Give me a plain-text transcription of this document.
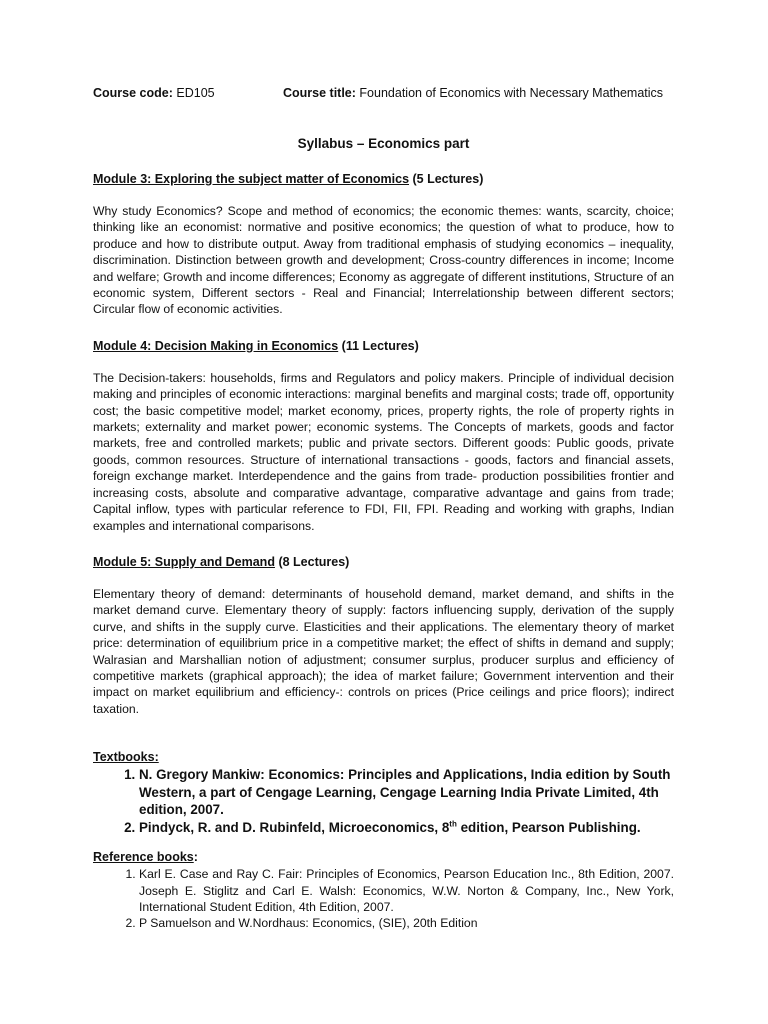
Course code: ED105	Course title: Foundation of Economics with Necessary Mathematics
Syllabus – Economics part
Module 3: Exploring the subject matter of Economics (5 Lectures)

Why study Economics? Scope and method of economics; the economic themes: wants, scarcity, choice; thinking like an economist: normative and positive economics; the question of what to produce, how to produce and how to distribute output. Away from traditional emphasis of studying economics – inequality, discrimination. Distinction between growth and development; Cross-country differences in income; Income and welfare; Growth and income differences; Economy as aggregate of different institutions, Structure of an economic system, Different sectors - Real and Financial; Interrelationship between different sectors; Circular flow of economic activities.

Module 4: Decision Making in Economics (11 Lectures)

The Decision-takers: households, firms and Regulators and policy makers. Principle of individual decision making and principles of economic interactions: marginal benefits and marginal costs; trade off, opportunity cost; the basic competitive model; market economy, prices, property rights, the role of property rights in markets; externality and market power; economic systems. The Concepts of markets, goods and factor markets, free and controlled markets; public and private sectors. Different goods: Public goods, private goods, common resources. Structure of international transactions - goods, factors and financial assets, foreign exchange market. Interdependence and the gains from trade- production possibilities frontier and increasing costs, absolute and comparative advantage, comparative advantage and gains from trade; Capital inflow, types with particular reference to FDI, FII, FPI. Reading and working with graphs, Indian examples and international comparisons.

Module 5: Supply and Demand (8 Lectures)

Elementary theory of demand: determinants of household demand, market demand, and shifts in the market demand curve. Elementary theory of supply: factors influencing supply, derivation of the supply curve, and shifts in the supply curve. Elasticities and their applications. The elementary theory of market price: determination of equilibrium price in a competitive market; the effect of shifts in demand and supply; Walrasian and Marshallian notion of adjustment; consumer surplus, producer surplus and efficiency of competitive markets (graphical approach); the idea of market failure; Government intervention and their impact on market equilibrium and efficiency-: controls on prices (Price ceilings and price floors); indirect taxation.

Textbooks:
1. N. Gregory Mankiw: Economics: Principles and Applications, India edition by South Western, a part of Cengage Learning, Cengage Learning India Private Limited, 4th edition, 2007.
2. Pindyck, R. and D. Rubinfeld, Microeconomics, 8th edition, Pearson Publishing.
Reference books:
1. Karl E. Case and Ray C. Fair: Principles of Economics, Pearson Education Inc., 8th Edition, 2007. Joseph E. Stiglitz and Carl E. Walsh: Economics, W.W. Norton & Company, Inc., New York, International Student Edition, 4th Edition, 2007.
2. P Samuelson and W.Nordhaus: Economics, (SIE), 20th Edition
